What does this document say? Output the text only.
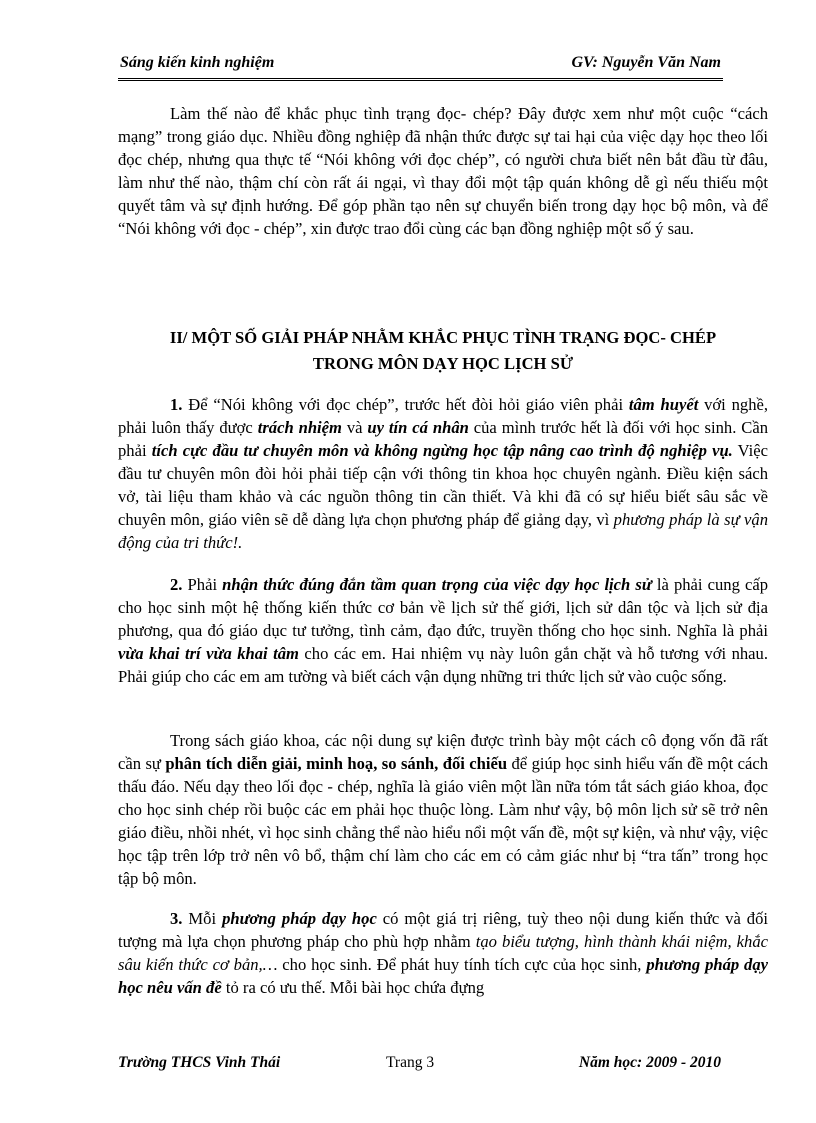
Sáng kiến kinh nghiệm	GV: Nguyễn Văn Nam

Làm thế nào để khắc phục tình trạng đọc- chép? Đây được xem như một cuộc “cách mạng” trong giáo dục. Nhiều đồng nghiệp đã nhận thức được sự tai hại của việc dạy học theo lối đọc chép, nhưng qua thực tế “Nói không với đọc chép”, có người chưa biết nên bắt đầu từ đâu, làm như thế nào, thậm chí còn rất ái ngại, vì thay đổi một tập quán không dễ gì nếu thiếu một quyết tâm và sự định hướng. Để góp phần tạo nên sự chuyển biến trong dạy học bộ môn, và để “Nói không với đọc - chép”, xin được trao đổi cùng các bạn đồng nghiệp một số ý sau.

II/ MỘT SỐ GIẢI PHÁP NHẰM KHẮC PHỤC TÌNH TRẠNG ĐỌC- CHÉP
TRONG MÔN DẠY HỌC LỊCH SỬ

1. Để “Nói không với đọc chép”, trước hết đòi hỏi giáo viên phải tâm huyết với nghề, phải luôn thấy được trách nhiệm và uy tín cá nhân của mình trước hết là đối với học sinh. Cần phải tích cực đầu tư chuyên môn và không ngừng học tập nâng cao trình độ nghiệp vụ. Việc đầu tư chuyên môn đòi hỏi phải tiếp cận với thông tin khoa học chuyên ngành. Điều kiện sách vở, tài liệu tham khảo và các nguồn thông tin cần thiết. Và khi đã có sự hiểu biết sâu sắc về chuyên môn, giáo viên sẽ dễ dàng lựa chọn phương pháp để giảng dạy, vì phương pháp là sự vận động của tri thức!.

2. Phải nhận thức đúng đắn tầm quan trọng của việc dạy học lịch sử là phải cung cấp cho học sinh một hệ thống kiến thức cơ bản về lịch sử thế giới, lịch sử dân tộc và lịch sử địa phương, qua đó giáo dục tư tưởng, tình cảm, đạo đức, truyền thống cho học sinh. Nghĩa là phải vừa khai trí vừa khai tâm cho các em. Hai nhiệm vụ này luôn gắn chặt và hỗ tương với nhau. Phải giúp cho các em am tường và biết cách vận dụng những tri thức lịch sử vào cuộc sống.

Trong sách giáo khoa, các nội dung sự kiện được trình bày một cách cô đọng vốn đã rất cần sự phân tích diễn giải, minh hoạ, so sánh, đối chiếu để giúp học sinh hiểu vấn đề một cách thấu đáo. Nếu dạy theo lối đọc - chép, nghĩa là giáo viên một lần nữa tóm tắt sách giáo khoa, đọc cho học sinh chép rồi buộc các em phải học thuộc lòng. Làm như vậy, bộ môn lịch sử sẽ trở nên giáo điều, nhồi nhét, vì học sinh chẳng thể nào hiểu nổi một vấn đề, một sự kiện, và như vậy, việc học tập trên lớp trở nên vô bổ, thậm chí làm cho các em có cảm giác như bị “tra tấn” trong học tập bộ môn.

3. Mỗi phương pháp dạy học có một giá trị riêng, tuỳ theo nội dung kiến thức và đối tượng mà lựa chọn phương pháp cho phù hợp nhằm tạo biểu tượng, hình thành khái niệm, khắc sâu kiến thức cơ bản,… cho học sinh. Để phát huy tính tích cực của học sinh, phương pháp dạy học nêu vấn đề tỏ ra có ưu thế. Mỗi bài học chứa đựng

Trường THCS Vinh Thái	Trang 3	Năm học: 2009 - 2010
